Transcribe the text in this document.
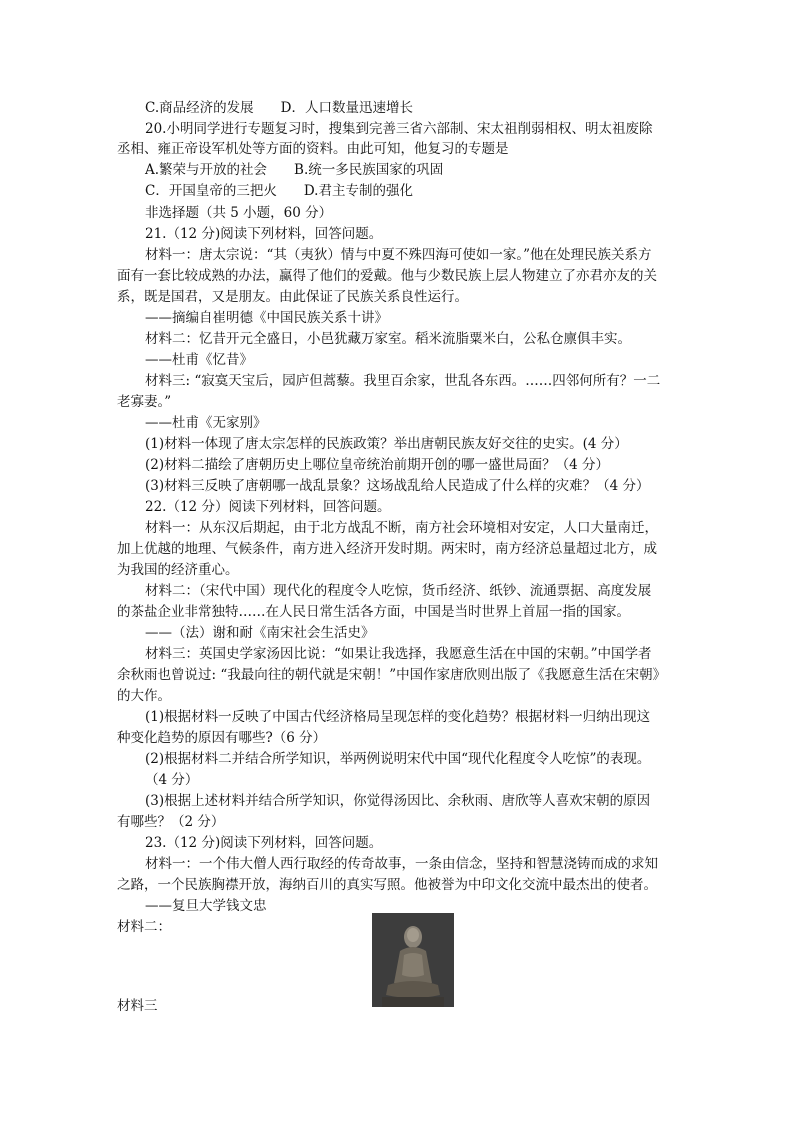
C.商品经济的发展　　D．人口数量迅速增长
20.小明同学进行专题复习时，搜集到完善三省六部制、宋太祖削弱相权、明太祖废除
丞相、雍正帝设军机处等方面的资料。由此可知，他复习的专题是
A.繁荣与开放的社会　　B.统一多民族国家的巩固
C．开国皇帝的三把火　　D.君主专制的强化
非选择题（共 5 小题，60 分）
21.（12 分)阅读下列材料，回答问题。
材料一：唐太宗说：“其（夷狄）情与中夏不殊四海可使如一家。”他在处理民族关系方
面有一套比较成熟的办法，赢得了他们的爱戴。他与少数民族上层人物建立了亦君亦友的关
系，既是国君，又是朋友。由此保证了民族关系良性运行。
——摘编自崔明德《中国民族关系十讲》
材料二：忆昔开元全盛日，小邑犹藏万家室。稻米流脂粟米白，公私仓廪俱丰实。
——杜甫《忆昔》
材料三: “寂寞天宝后，园庐但蒿藜。我里百余家，世乱各东西。……四邻何所有？一二
老寡妻。”
——杜甫《无家别》
(1)材料一体现了唐太宗怎样的民族政策？举出唐朝民族友好交往的史实。(4 分）
(2)材料二描绘了唐朝历史上哪位皇帝统治前期开创的哪一盛世局面？（4 分）
(3)材料三反映了唐朝哪一战乱景象？这场战乱给人民造成了什么样的灾难？（4 分）
22.（12 分）阅读下列材料，回答问题。
材料一：从东汉后期起，由于北方战乱不断，南方社会环境相对安定，人口大量南迁，
加上优越的地理、气候条件，南方进入经济开发时期。两宋时，南方经济总量超过北方，成
为我国的经济重心。
材料二：（宋代中国）现代化的程度令人吃惊，货币经济、纸钞、流通票据、高度发展
的茶盐企业非常独特……在人民日常生活各方面，中国是当时世界上首屈一指的国家。
——（法）谢和耐《南宋社会生活史》
材料三：英国史学家汤因比说：“如果让我选择，我愿意生活在中国的宋朝。”中国学者
余秋雨也曾说过: “我最向往的朝代就是宋朝！”中国作家唐欣则出版了《我愿意生活在宋朝》
的大作。
(1)根据材料一反映了中国古代经济格局呈现怎样的变化趋势？根据材料一归纳出现这
种变化趋势的原因有哪些?（6 分）
(2)根据材料二并结合所学知识，举两例说明宋代中国“现代化程度令人吃惊”的表现。
（4 分）
(3)根据上述材料并结合所学知识，你觉得汤因比、余秋雨、唐欣等人喜欢宋朝的原因
有哪些？（2 分）
23.（12 分)阅读下列材料，回答问题。
材料一：一个伟大僧人西行取经的传奇故事，一条由信念，坚持和智慧浇铸而成的求知
之路，一个民族胸襟开放，海纳百川的真实写照。他被誉为中印文化交流中最杰出的使者。
——复旦大学钱文忠
材料二：
材料三
